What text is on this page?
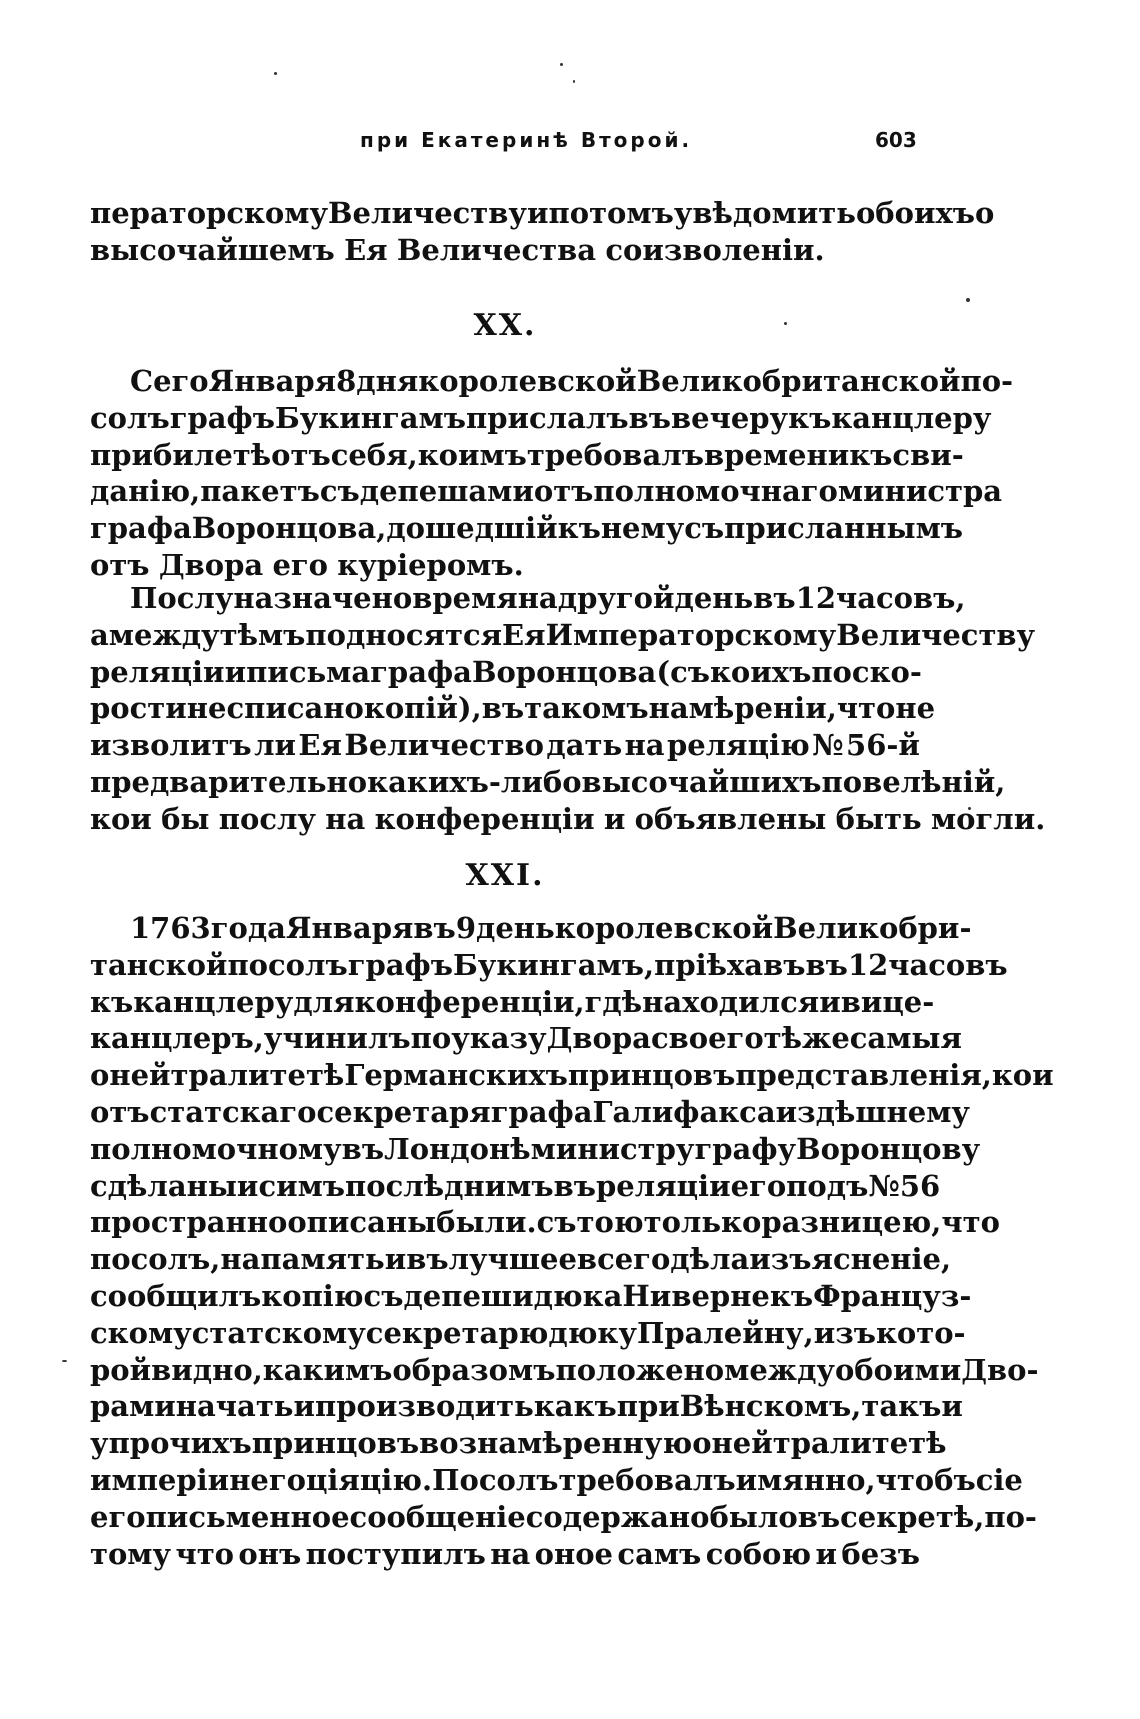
при Екатеринѣ Второй.	603
ператорскому Величеству и потомъ увѣдомить обоихъ о
высочайшемъ Ея Величества соизволеніи.
XX.
Сего Января 8 дня королевской Великобританской по-
солъ графъ Букингамъ прислалъ въ вечеру къ канцлеру
при билетѣ отъ себя, коимъ требовалъ времени къ сви-
данію, пакетъ съ депешами отъ полномочнаго министра
графа Воронцова, дошедшій къ нему съ присланнымъ
отъ Двора его куріеромъ.
Послу назначено время на другой день въ 12 часовъ,
а между тѣмъ подносятся Ея Императорскому Величеству
реляціи и письма графа Воронцова (съ коихъ по ско-
рости не списано копій), въ такомъ намѣреніи, что не
изволитъ ли Ея Величество дать на реляцію № 56-й
предварительно какихъ-либо высочайшихъ повелѣній,
кои бы послу на конференціи и объявлены быть могли.
XXI.
1763 года Января въ 9 день королевской Великобри-
танской посолъ графъ Букингамъ, пріѣхавъ въ 12 часовъ
къ канцлеру для конференціи, гдѣ находился и вице-
канцлеръ, учинилъ по указу Двора своего тѣже самыя
о нейтралитетѣ Германскихъ принцовъ представленія, кои
отъ статскаго секретаря графа Галифакса и здѣшнему
полномочному въ Лондонѣ министру графу Воронцову
сдѣланы и симъ послѣднимъ въ реляціи его подъ № 56
пространно описаны были. съ тою только разницею, что
посолъ, на память и въ лучшее всего дѣла изъясненіе,
сообщилъ копію съ депеши дюка Ниверне къ Француз-
скому статскому секретарю дюку Пралейну, изъ кото-
рой видно, какимъ образомъ положено между обоими Дво-
рами начать и производить какъ при Вѣнскомъ, такъ и
у прочихъ принцовъ вознамѣренную о нейтралитетѣ
имперіи негоціяцію. Посолъ требовалъ имянно, чтобъ сіе
его письменное сообщеніе содержано было въ секретѣ, по-
тому что онъ поступилъ на оное самъ собою и безъ
